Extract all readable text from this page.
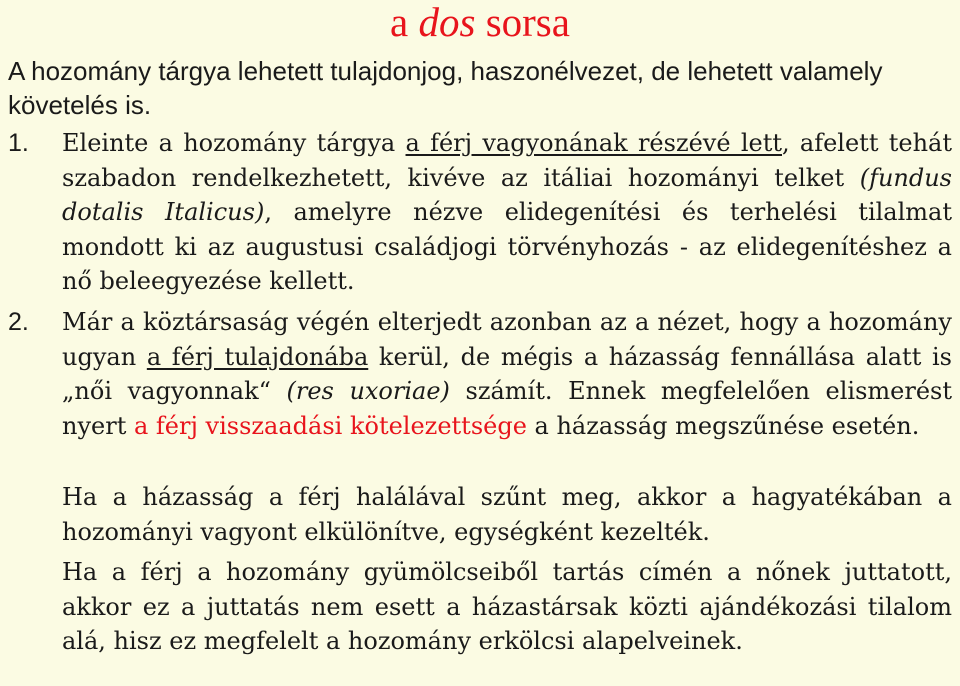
a dos sorsa
A hozomány tárgya lehetett tulajdonjog, haszonélvezet, de lehetett valamely követelés is.
1. Eleinte a hozomány tárgya a férj vagyonának részévé lett, afelett tehát szabadon rendelkezhetett, kivéve az itáliai hozományi telket (fundus dotalis Italicus), amelyre nézve elidegenítési és terhelési tilalmat mondott ki az augustusi családjogi törvényhozás - az elidegenítéshez a nő beleegyezése kellett.
2. Már a köztársaság végén elterjedt azonban az a nézet, hogy a hozomány ugyan a férj tulajdonába kerül, de mégis a házasság fennállása alatt is „női vagyonnak“ (res uxoriae) számít. Ennek megfelelően elismerést nyert a férj visszaadási kötelezettsége a házasság megszűnése esetén.
Ha a házasság a férj halálával szűnt meg, akkor a hagyatékában a hozományi vagyont elkülönítve, egységként kezelték.
Ha a férj a hozomány gyümölcseiből tartás címén a nőnek juttatott, akkor ez a juttatás nem esett a házastársak közti ajándékozási tilalom alá, hisz ez megfelelt a hozomány erkölcsi alapelveinek.
